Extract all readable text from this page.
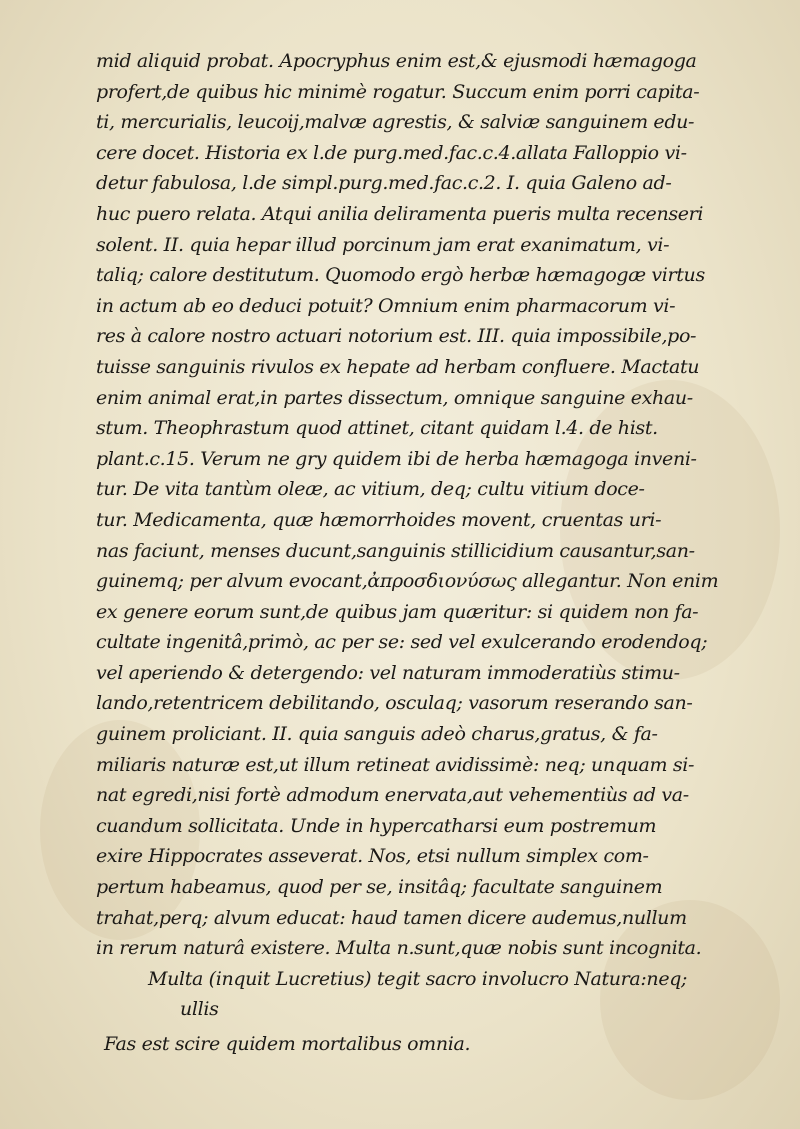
mid aliquid probat. Apocryphus enim est,& ejusmodi hæmagoga
profert,de quibus hic minimè rogatur. Succum enim porri capita-
ti, mercurialis, leucoij,malvæ agrestis, & salviæ sanguinem edu-
cere docet. Historia ex l.de purg.med.fac.c.4.allata Falloppio vi-
detur fabulosa, l.de simpl.purg.med.fac.c.2. I. quia Galeno ad-
huc puero relata. Atqui anilia deliramenta pueris multa recenseri
solent. II. quia hepar illud porcinum jam erat exanimatum, vi-
taliq; calore destitutum. Quomodo ergò herbæ hæmagogæ virtus
in actum ab eo deduci potuit? Omnium enim pharmacorum vi-
res à calore nostro actuari notorium est. III. quia impossibile,po-
tuisse sanguinis rivulos ex hepate ad herbam confluere. Mactatu
enim animal erat,in partes dissectum, omnique sanguine exhau-
stum. Theophrastum quod attinet, citant quidam l.4. de hist.
plant.c.15. Verum ne gry quidem ibi de herba hæmagoga inveni-
tur. De vita tantùm oleæ, ac vitium, deq; cultu vitium doce-
tur. Medicamenta, quæ hæmorrhoides movent, cruentas uri-
nas faciunt, menses ducunt,sanguinis stillicidium causantur,san-
guinemq; per alvum evocant,ἀπροσδιονύσως allegantur. Non enim
ex genere eorum sunt,de quibus jam quæritur: si quidem non fa-
cultate ingenitâ,primò, ac per se: sed vel exulcerando erodendoq;
vel aperiendo & detergendo: vel naturam immoderatiùs stimu-
lando,retentricem debilitando, osculaq; vasorum reserando san-
guinem proliciant. II. quia sanguis adeò charus,gratus, & fa-
miliaris naturæ est,ut illum retineat avidissimè: neq; unquam si-
nat egredi,nisi fortè admodum enervata,aut vehementiùs ad va-
cuandum sollicitata. Unde in hypercatharsi eum postremum
exire Hippocrates asseverat. Nos, etsi nullum simplex com-
pertum habeamus, quod per se, insitâq; facultate sanguinem
trahat,perq; alvum educat: haud tamen dicere audemus,nullum
in rerum naturâ existere. Multa n.sunt,quæ nobis sunt incognita.
Multa (inquit Lucretius) tegit sacro involucro Natura:neq;
ullis
Fas est scire quidem mortalibus omnia.
